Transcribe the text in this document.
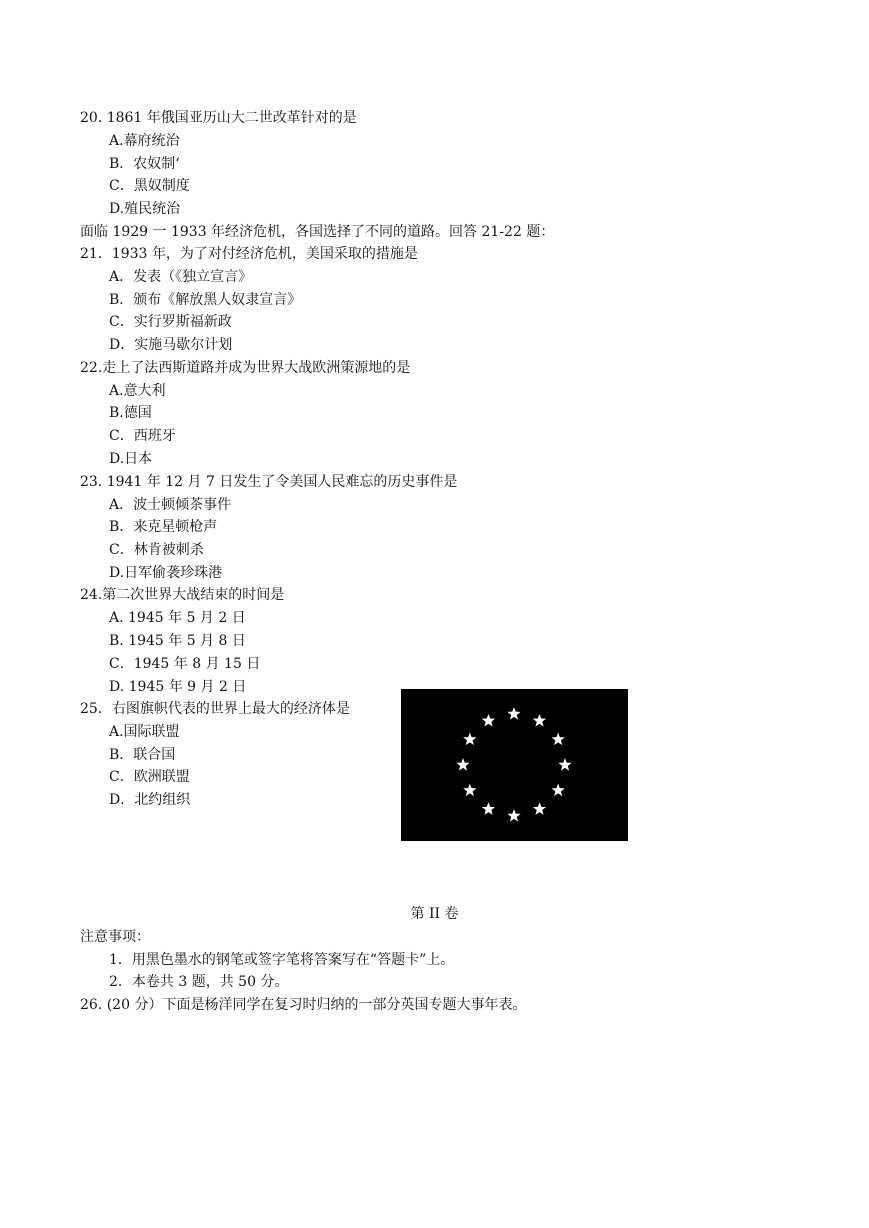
20. 1861 年俄国亚历山大二世改革针对的是
A.幕府统治
B．农奴制‘
C．黑奴制度
D.殖民统治
面临 1929 一 1933 年经济危机，各国选择了不同的道路。回答 21-22 题：
21．1933 年，为了对付经济危机，美国采取的措施是
A．发表（《独立宣言》
B．颁布《解放黑人奴隶宣言》
C．实行罗斯福新政
D．实施马歇尔计划
22.走上了法西斯道路并成为世界大战欧洲策源地的是
A.意大利
B.德国
C．西班牙
D.日本
23. 1941 年 12 月 7 日发生了令美国人民难忘的历史事件是
A．波士顿倾茶事件
B．来克星顿枪声
C．林肯被刺杀
D.日军偷袭珍珠港
24.第二次世界大战结束的时间是
A. 1945 年 5 月 2 日
B. 1945 年 5 月 8 日
C．1945 年 8 月 15 日
D. 1945 年 9 月 2 日
25．右图旗帜代表的世界上最大的经济体是
A.国际联盟
B．联合国
C．欧洲联盟
D．北约组织
第 II 卷
注意事项：
1．用黑色墨水的钢笔或签字笔将答案写在“答题卡”上。
2．本卷共 3 题，共 50 分。
26. (20 分）下面是杨洋同学在复习时归纳的一部分英国专题大事年表。
